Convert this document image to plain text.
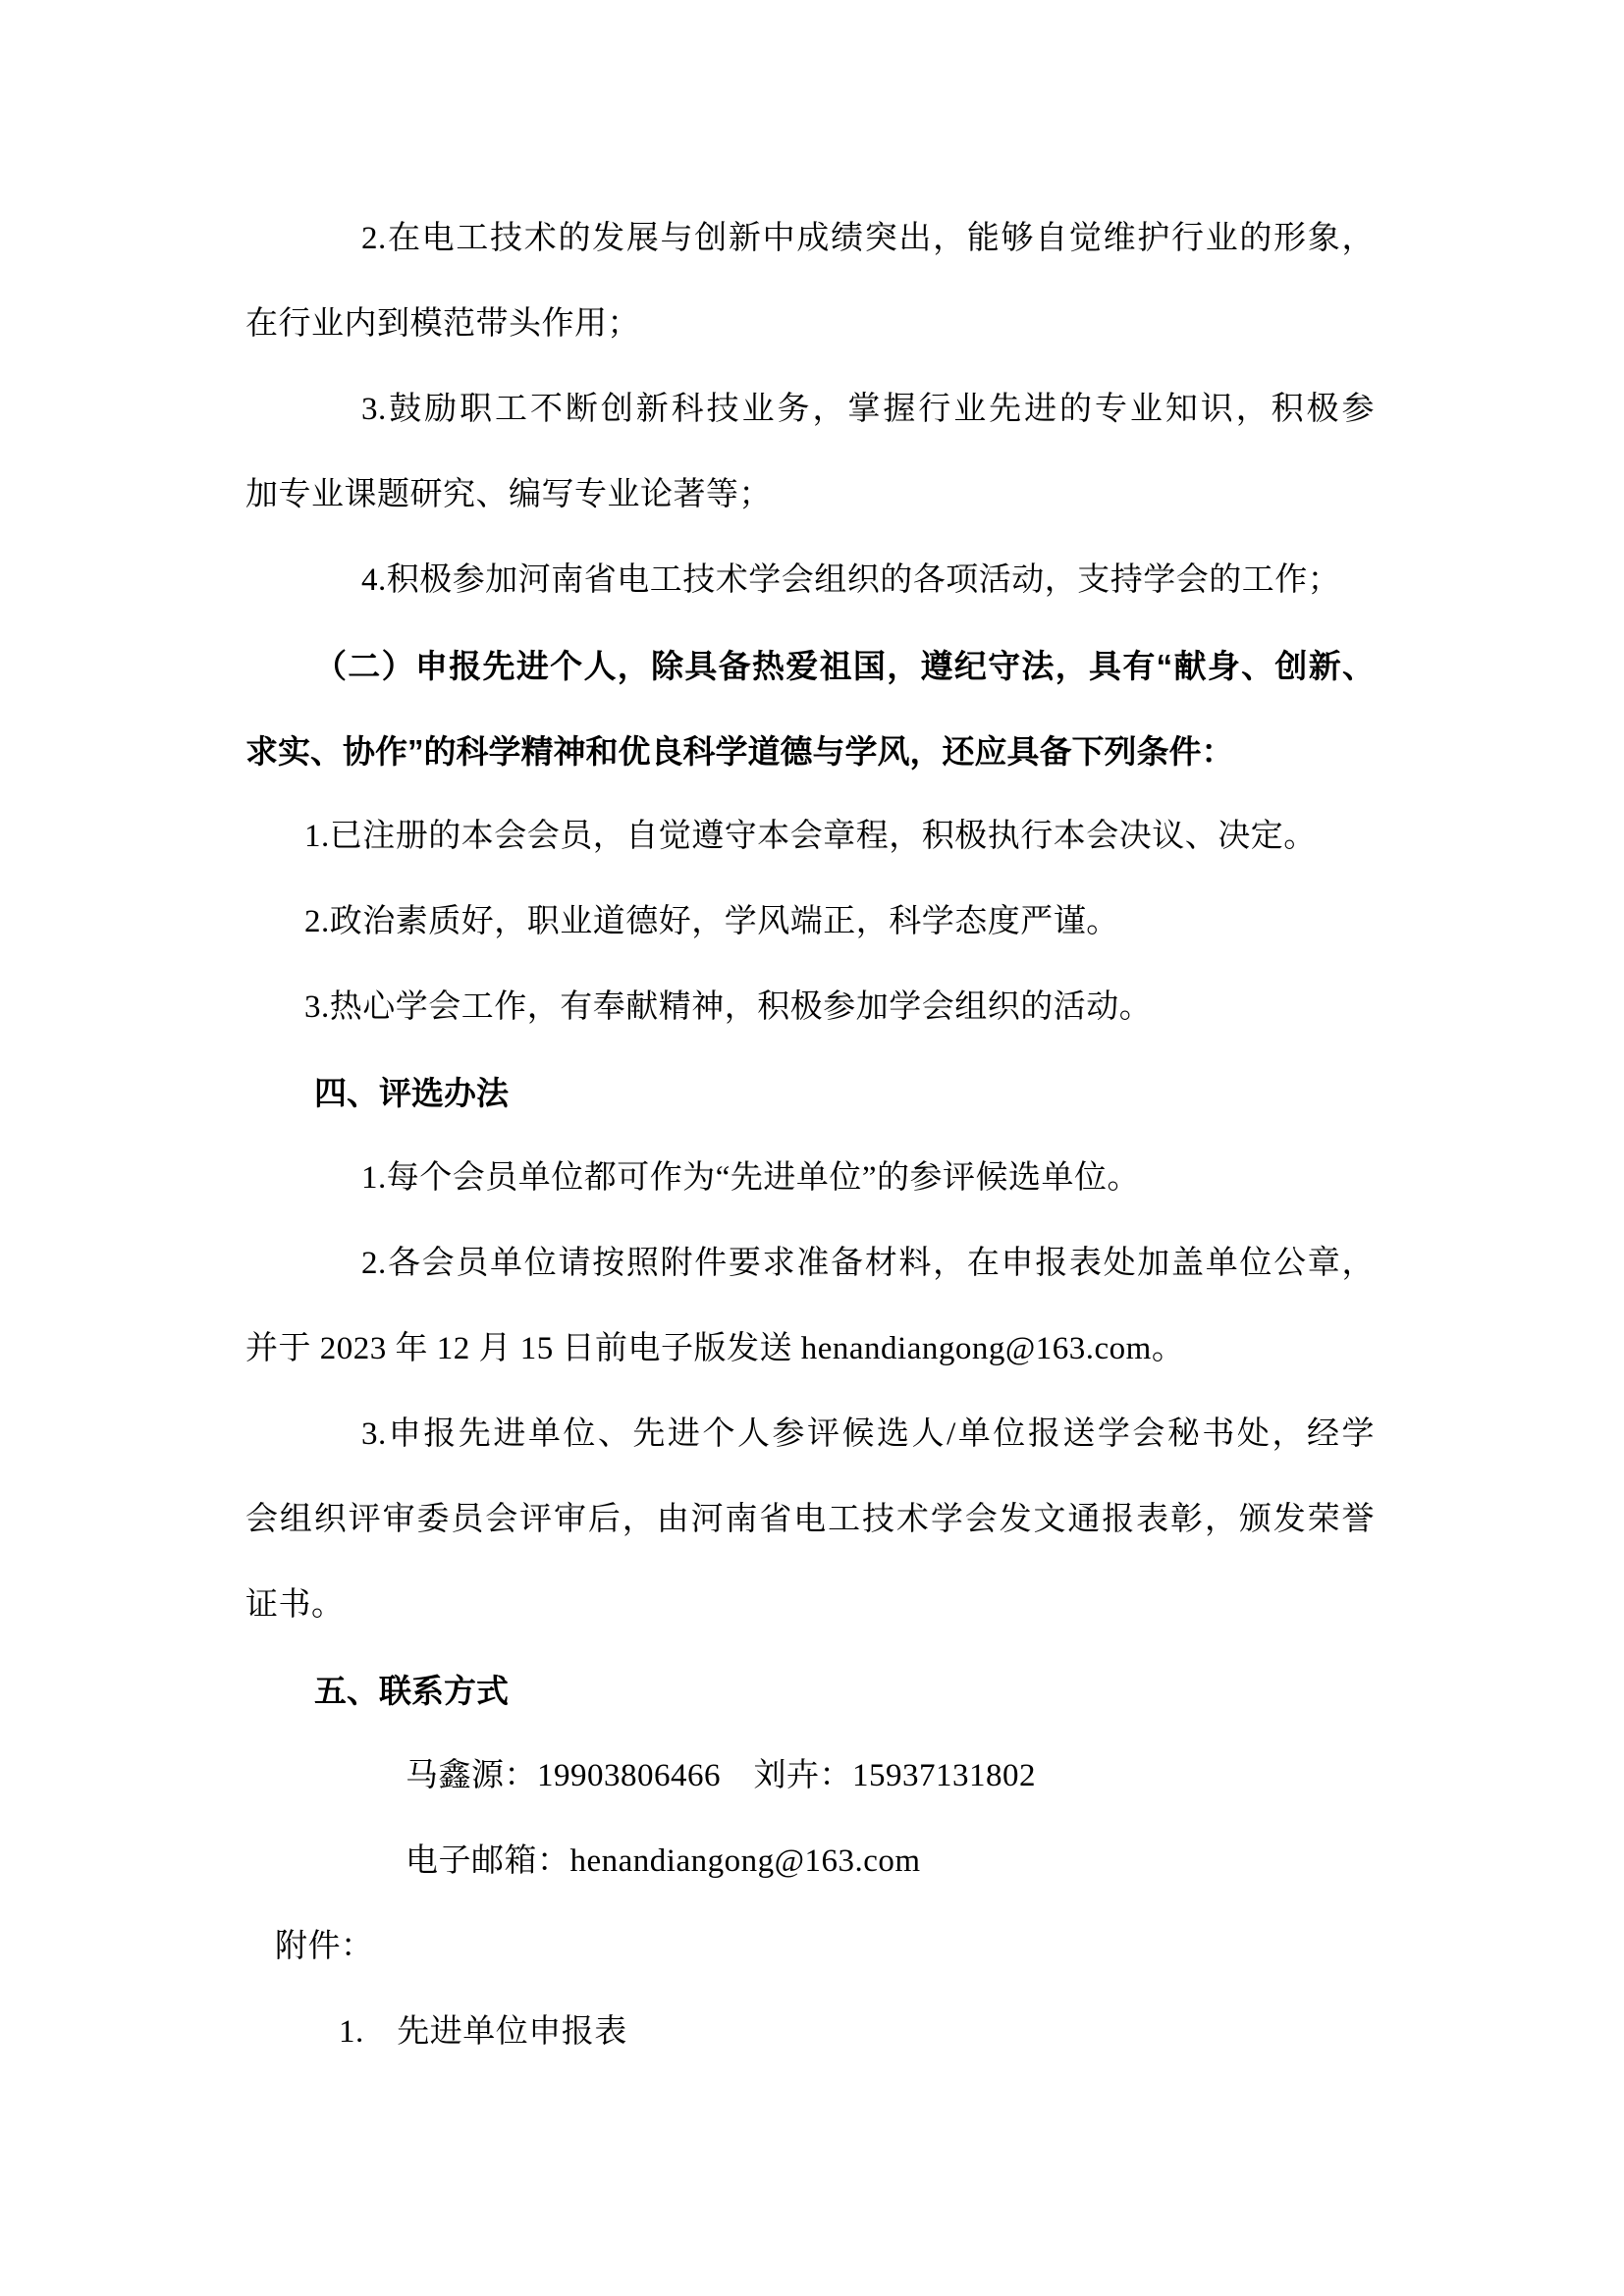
2.在电工技术的发展与创新中成绩突出，能够自觉维护行业的形象，
在行业内到模范带头作用；
3.鼓励职工不断创新科技业务，掌握行业先进的专业知识，积极参
加专业课题研究、编写专业论著等；
4.积极参加河南省电工技术学会组织的各项活动，支持学会的工作；
（二）申报先进个人，除具备热爱祖国，遵纪守法，具有“献身、创新、
求实、协作”的科学精神和优良科学道德与学风，还应具备下列条件：
1.已注册的本会会员，自觉遵守本会章程，积极执行本会决议、决定。
2.政治素质好，职业道德好，学风端正，科学态度严谨。
3.热心学会工作，有奉献精神，积极参加学会组织的活动。
四、评选办法
1.每个会员单位都可作为“先进单位”的参评候选单位。
2.各会员单位请按照附件要求准备材料，在申报表处加盖单位公章，
并于 2023 年 12 月 15 日前电子版发送 henandiangong@163.com。
3.申报先进单位、先进个人参评候选人/单位报送学会秘书处，经学
会组织评审委员会评审后，由河南省电工技术学会发文通报表彰，颁发荣誉
证书。
五、联系方式
马鑫源：19903806466　刘卉：15937131802
电子邮箱：henandiangong@163.com
附件：
1.　先进单位申报表
